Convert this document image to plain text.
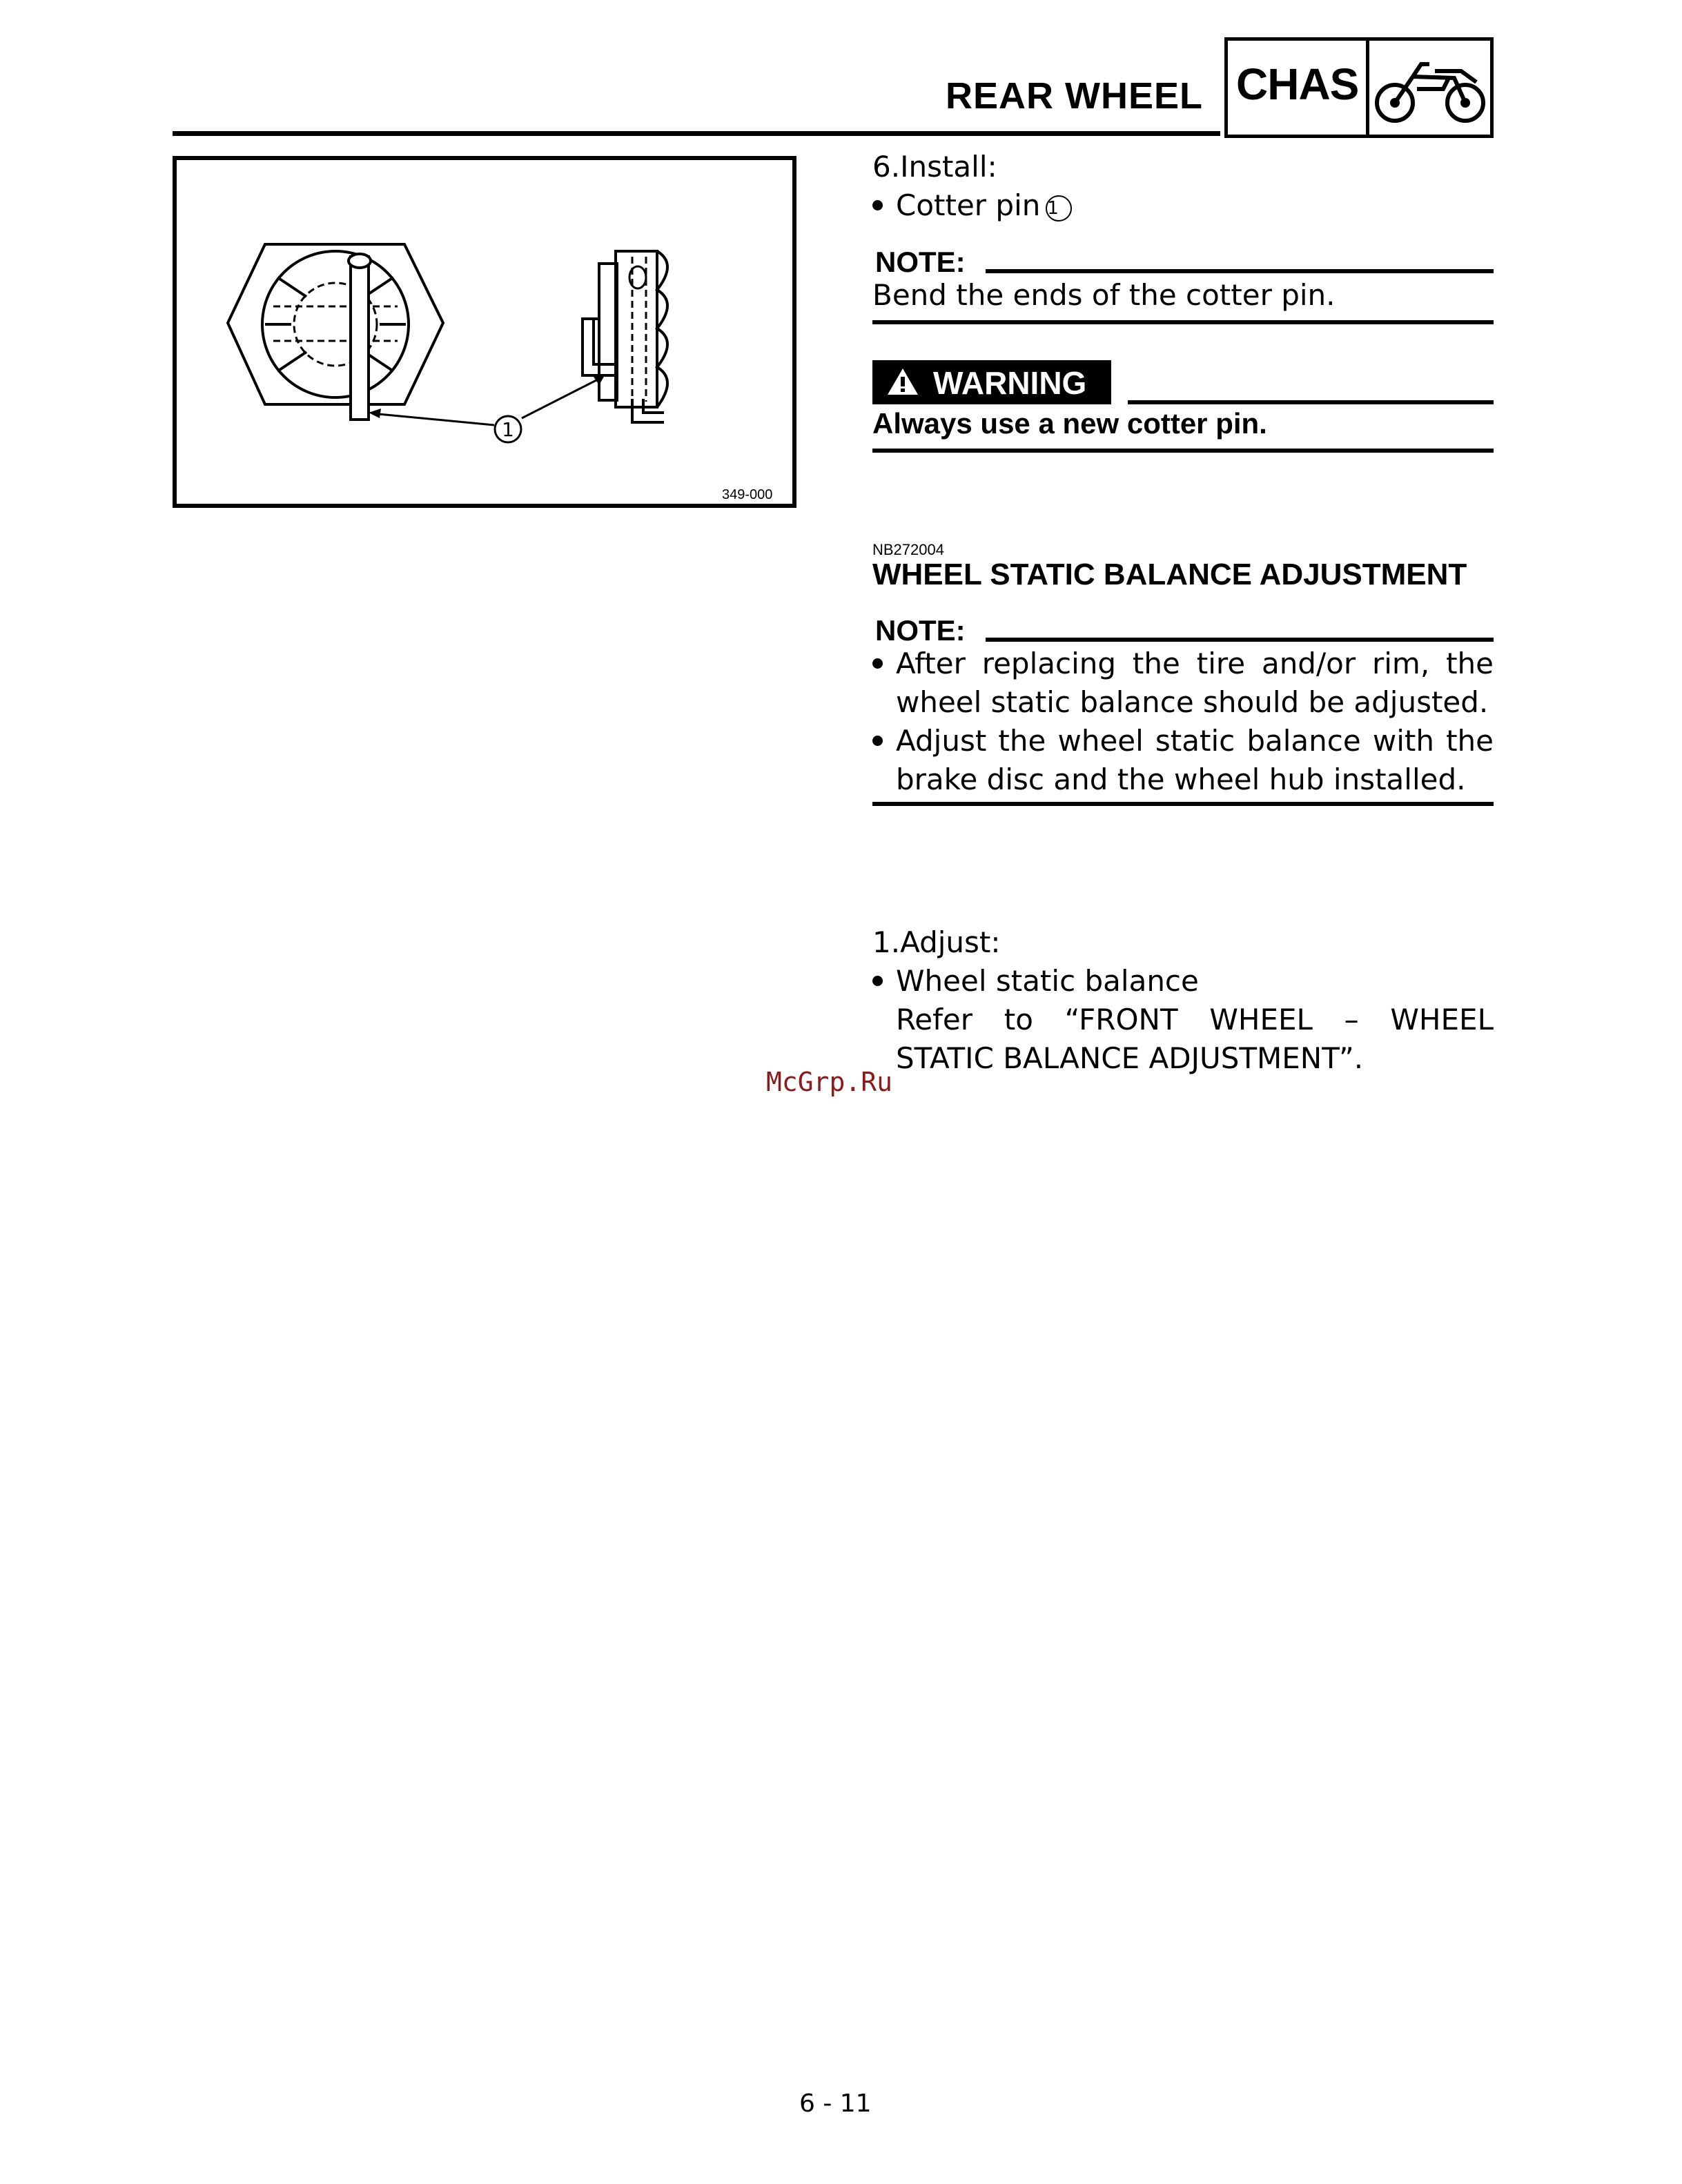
REAR WHEEL CHAS
1
349-000
6.Install:
Cotter pin 1
NOTE:
Bend the ends of the cotter pin.
WARNING
Always use a new cotter pin.
NB272004
WHEEL STATIC BALANCE ADJUSTMENT
NOTE:
After replacing the tire and/or rim, the
wheel static balance should be adjusted.
Adjust the wheel static balance with the
brake disc and the wheel hub installed.
1.Adjust:
Wheel static balance
Refer to “FRONT WHEEL – WHEEL
STATIC BALANCE ADJUSTMENT”.
McGrp.Ru
6 - 11
